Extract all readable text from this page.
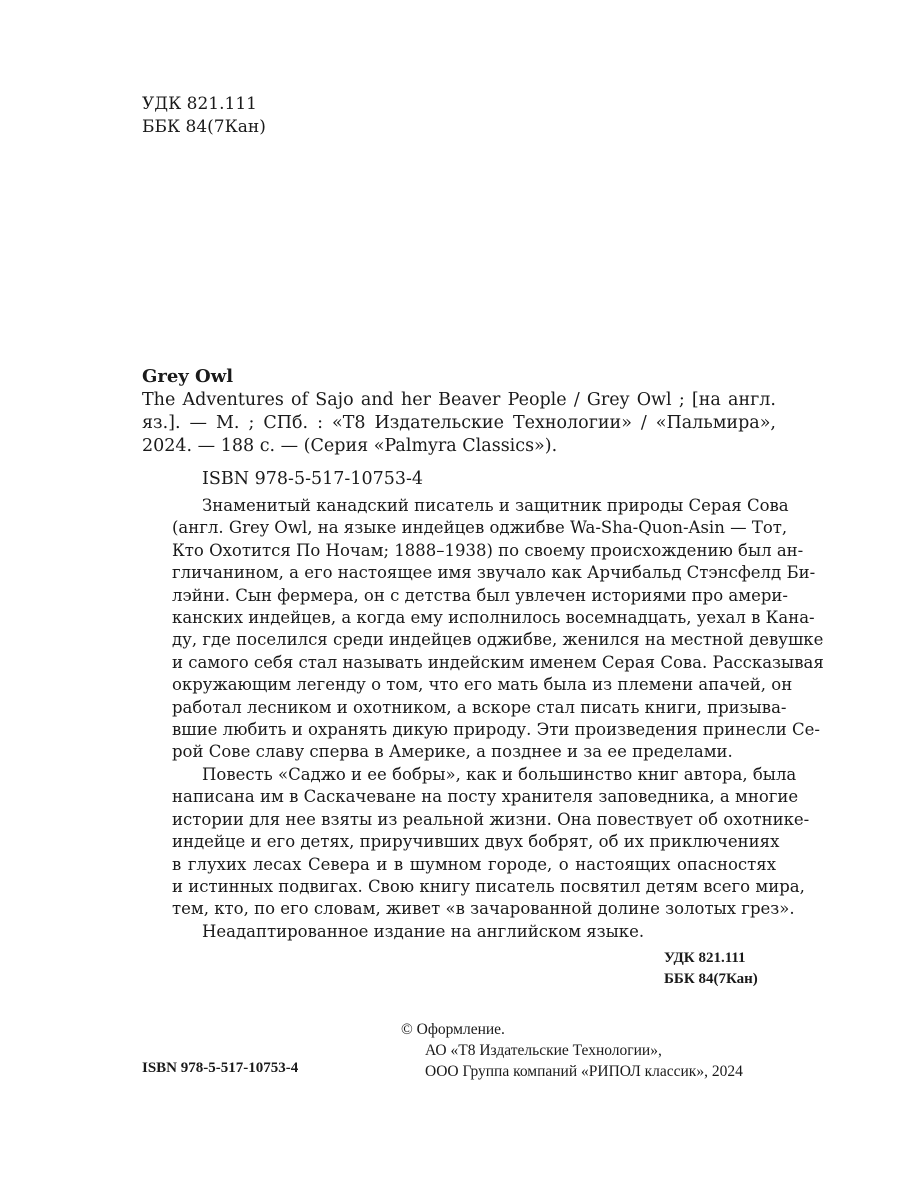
УДК 821.111
ББК 84(7Кан)
Grey Owl
The Adventures of Sajo and her Beaver People / Grey Owl ; [на англ.
яз.]. — М. ; СПб. : «Т8 Издательские Технологии» / «Пальмира»,
2024. — 188 с. — (Серия «Palmyra Classics»).
ISBN 978-5-517-10753-4
Знаменитый канадский писатель и защитник природы Серая Сова
(англ. Grey Owl, на языке индейцев оджибве Wa-Sha-Quon-Asin — Тот,
Кто Охотится По Ночам; 1888–1938) по своему происхождению был ан-
гличанином, а его настоящее имя звучало как Арчибальд Стэнсфелд Би-
лэйни. Сын фермера, он с детства был увлечен историями про амери-
канских индейцев, а когда ему исполнилось восемнадцать, уехал в Кана-
ду, где поселился среди индейцев оджибве, женился на местной девушке
и самого себя стал называть индейским именем Серая Сова. Рассказывая
окружающим легенду о том, что его мать была из племени апачей, он
работал лесником и охотником, а вскоре стал писать книги, призыва-
вшие любить и охранять дикую природу. Эти произведения принесли Се-
рой Сове славу сперва в Америке, а позднее и за ее пределами.
Повесть «Саджо и ее бобры», как и большинство книг автора, была
написана им в Саскачеване на посту хранителя заповедника, а многие
истории для нее взяты из реальной жизни. Она повествует об охотнике-
индейце и его детях, приручивших двух бобрят, об их приключениях
в глухих лесах Севера и в шумном городе, о настоящих опасностях
и истинных подвигах. Свою книгу писатель посвятил детям всего мира,
тем, кто, по его словам, живет «в зачарованной долине золотых грез».
Неадаптированное издание на английском языке.
УДК 821.111
ББК 84(7Кан)
© Оформление.
АО «Т8 Издательские Технологии»,
ООО Группа компаний «РИПОЛ классик», 2024
ISBN 978-5-517-10753-4
